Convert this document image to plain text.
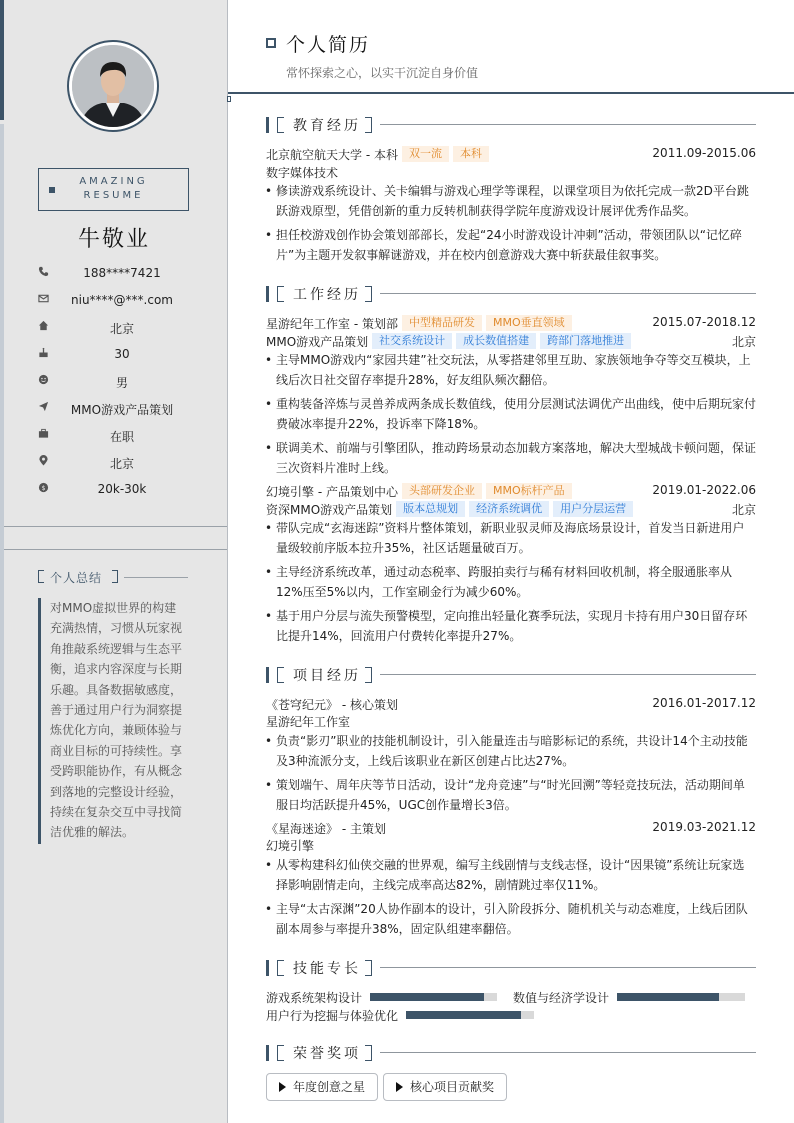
AMAZING
RESUME
牛敬业
188****7421
niu****@***.com
北京
30
男
MMO游戏产品策划
在职
北京
$	20k-30k
个人总结
对MMO虚拟世界的构建充满热情，习惯从玩家视角推敲系统逻辑与生态平衡，追求内容深度与长期乐趣。具备数据敏感度，善于通过用户行为洞察提炼优化方向，兼顾体验与商业目标的可持续性。享受跨职能协作，有从概念到落地的完整设计经验，持续在复杂交互中寻找简洁优雅的解法。
个人简历
常怀探索之心，以实干沉淀自身价值
教育经历
北京航空航天大学 - 本科 双一流 本科	2011.09-2015.06
数字媒体技术
• 修读游戏系统设计、关卡编辑与游戏心理学等课程，以课堂项目为依托完成一款2D平台跳跃游戏原型，凭借创新的重力反转机制获得学院年度游戏设计展评优秀作品奖。
• 担任校游戏创作协会策划部部长，发起“24小时游戏设计冲刺”活动，带领团队以“记忆碎片”为主题开发叙事解谜游戏，并在校内创意游戏大赛中斩获最佳叙事奖。
工作经历
星游纪年工作室 - 策划部 中型精品研发 MMO垂直领域	2015.07-2018.12
MMO游戏产品策划 社交系统设计 成长数值搭建 跨部门落地推进	北京
• 主导MMO游戏内“家园共建”社交玩法，从零搭建邻里互助、家族领地争夺等交互模块，上线后次日社交留存率提升28%，好友组队频次翻倍。
• 重构装备淬炼与灵兽养成两条成长数值线，使用分层测试法调优产出曲线，使中后期玩家付费破冰率提升22%，投诉率下降18%。
• 联调美术、前端与引擎团队，推动跨场景动态加载方案落地，解决大型城战卡顿问题，保证三次资料片准时上线。
幻境引擎 - 产品策划中心 头部研发企业 MMO标杆产品	2019.01-2022.06
资深MMO游戏产品策划 版本总规划 经济系统调优 用户分层运营	北京
• 带队完成“玄海迷踪”资料片整体策划，新职业驭灵师及海底场景设计，首发当日新进用户量级较前序版本拉升35%，社区话题量破百万。
• 主导经济系统改革，通过动态税率、跨服拍卖行与稀有材料回收机制，将全服通胀率从12%压至5%以内，工作室刷金行为减少60%。
• 基于用户分层与流失预警模型，定向推出轻量化赛季玩法，实现月卡持有用户30日留存环比提升14%，回流用户付费转化率提升27%。
项目经历
《苍穹纪元》 - 核心策划	2016.01-2017.12
星游纪年工作室
• 负责“影刃”职业的技能机制设计，引入能量连击与暗影标记的系统，共设计14个主动技能及3种流派分支，上线后该职业在新区创建占比达27%。
• 策划端午、周年庆等节日活动，设计“龙舟竞速”与“时光回溯”等轻竞技玩法，活动期间单服日均活跃提升45%，UGC创作量增长3倍。
《星海迷途》 - 主策划	2019.03-2021.12
幻境引擎
• 从零构建科幻仙侠交融的世界观，编写主线剧情与支线志怪，设计“因果镜”系统让玩家选择影响剧情走向，主线完成率高达82%，剧情跳过率仅11%。
• 主导“太古深渊”20人协作副本的设计，引入阶段拆分、随机机关与动态难度，上线后团队副本周参与率提升38%，固定队组建率翻倍。
技能专长
游戏系统架构设计	数值与经济学设计
用户行为挖掘与体验优化
荣誉奖项
年度创意之星	核心项目贡献奖
